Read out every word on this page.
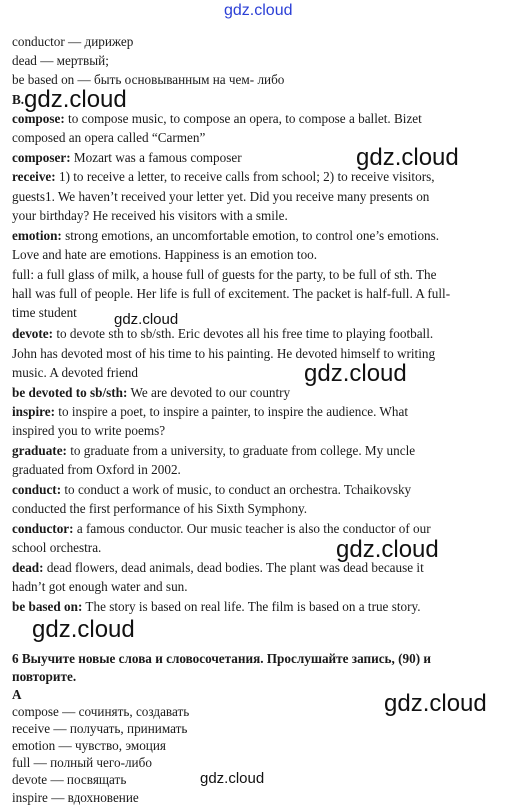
gdz.cloud
gdz.cloud
gdz.cloud
gdz.cloud
gdz.cloud
gdz.cloud
gdz.cloud
gdz.cloud
gdz.cloud
conductor — дирижер
dead — мертвый;
be based on — быть основыванным на чем- либо
B.
compose: to compose music, to compose an opera, to compose a ballet. Bizet
composed an opera called “Carmen”
composer: Mozart was a famous composer
receive: 1) to receive a letter, to receive calls from school; 2) to receive visitors,
guests1. We haven’t received your letter yet. Did you receive many presents on
your birthday? He received his visitors with a smile.
emotion: strong emotions, an uncomfortable emotion, to control one’s emotions.
Love and hate are emotions. Happiness is an emotion too.
full: a full glass of milk, a house full of guests for the party, to be full of sth. The
hall was full of people. Her life is full of excitement. The packet is half-full. A full-
time student
devote: to devote sth to sb/sth. Eric devotes all his free time to playing football.
John has devoted most of his time to his painting. He devoted himself to writing
music. A devoted friend
be devoted to sb/sth: We are devoted to our country
inspire: to inspire a poet, to inspire a painter, to inspire the audience. What
inspired you to write poems?
graduate: to graduate from a university, to graduate from college. My uncle
graduated from Oxford in 2002.
conduct: to conduct a work of music, to conduct an orchestra. Tchaikovsky
conducted the first performance of his Sixth Symphony.
conductor: a famous conductor. Our music teacher is also the conductor of our
school orchestra.
dead: dead flowers, dead animals, dead bodies. The plant was dead because it
hadn’t got enough water and sun.
be based on: The story is based on real life. The film is based on a true story.
6 Выучите новые слова и словосочетания. Прослушайте запись, (90) и
повторите.
A
compose — сочинять, создавать
receive — получать, принимать
emotion — чувство, эмоция
full — полный чего-либо
devote — посвящать
inspire — вдохновение
